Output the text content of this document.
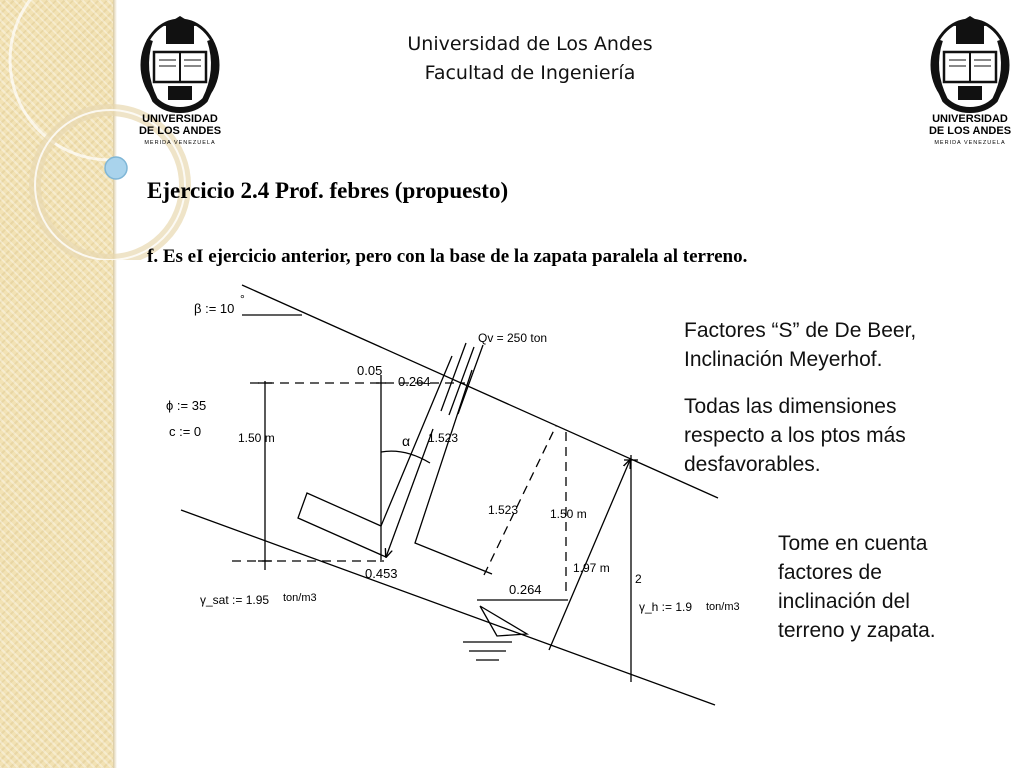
UNIVERSIDAD
DE LOS ANDES
MERIDA VENEZUELA
UNIVERSIDAD
DE LOS ANDES
MERIDA VENEZUELA
Universidad de Los Andes
Facultad de Ingeniería
Ejercicio 2.4 Prof. febres (propuesto)
f. Es eI ejercicio anterior, pero con la base de la zapata paralela al terreno.
β := 10
°
ϕ := 35
c := 0
Qv = 250 ton
0.05
0.264
1.50 m	α 1.523
1.523	1.50 m
0.453
0.264
1.97 m
2
γ_sat := 1.95 ton/m3
γ_h := 1.9 ton/m3
Factores “S” de De Beer,
Inclinación Meyerhof.
Todas las dimensiones
respecto a los ptos más
desfavorables.
Tome en cuenta
factores de
inclinación del
terreno y zapata.
